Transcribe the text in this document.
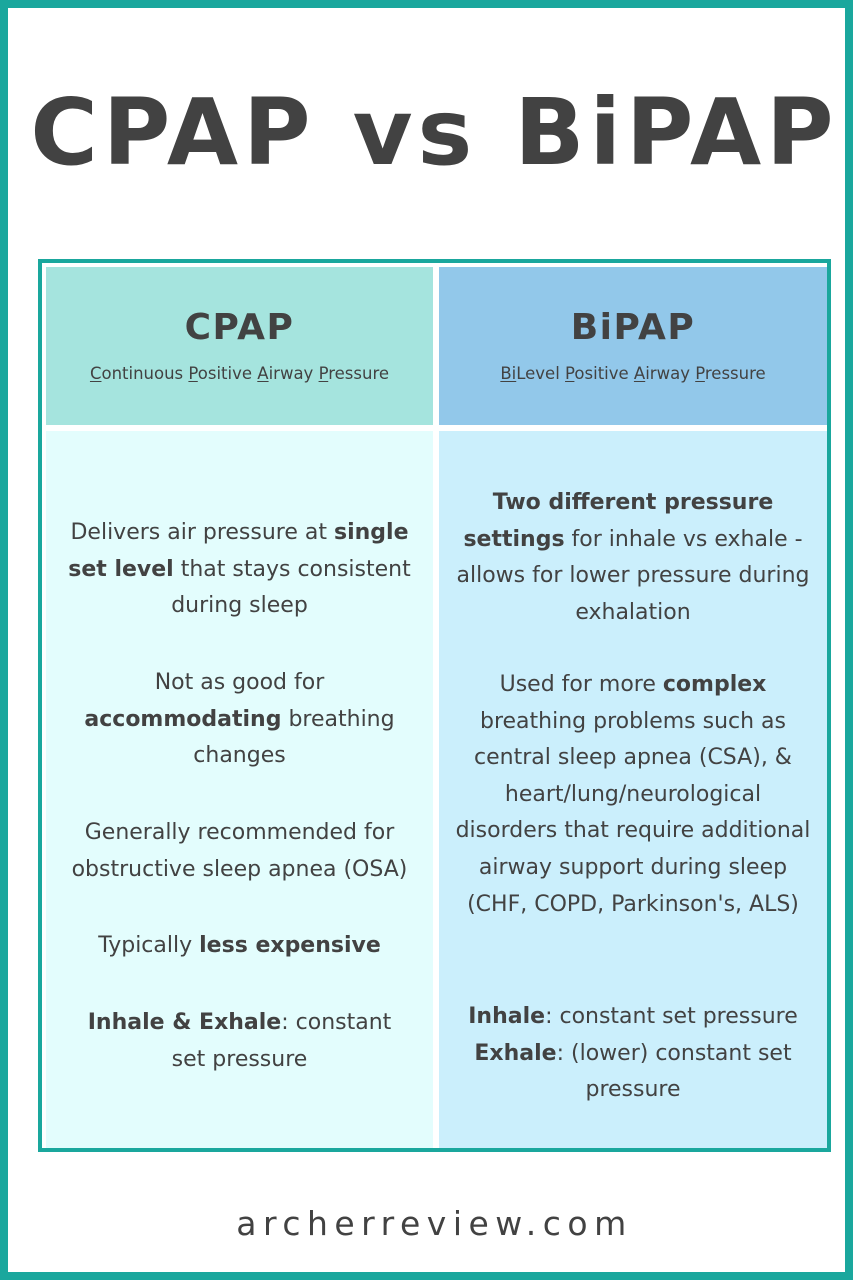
CPAP vs BiPAP
CPAP
Continuous Positive Airway Pressure
BiPAP
BiLevel Positive Airway Pressure
Delivers air pressure at single set level that stays consistent during sleep
Not as good for accommodating breathing changes
Generally recommended for obstructive sleep apnea (OSA)
Typically less expensive
Inhale & Exhale: constant set pressure
Two different pressure settings for inhale vs exhale - allows for lower pressure during exhalation
Used for more complex breathing problems such as central sleep apnea (CSA), & heart/lung/neurological disorders that require additional airway support during sleep (CHF, COPD, Parkinson's, ALS)
Inhale: constant set pressure
Exhale: (lower) constant set pressure
archerreview.com
